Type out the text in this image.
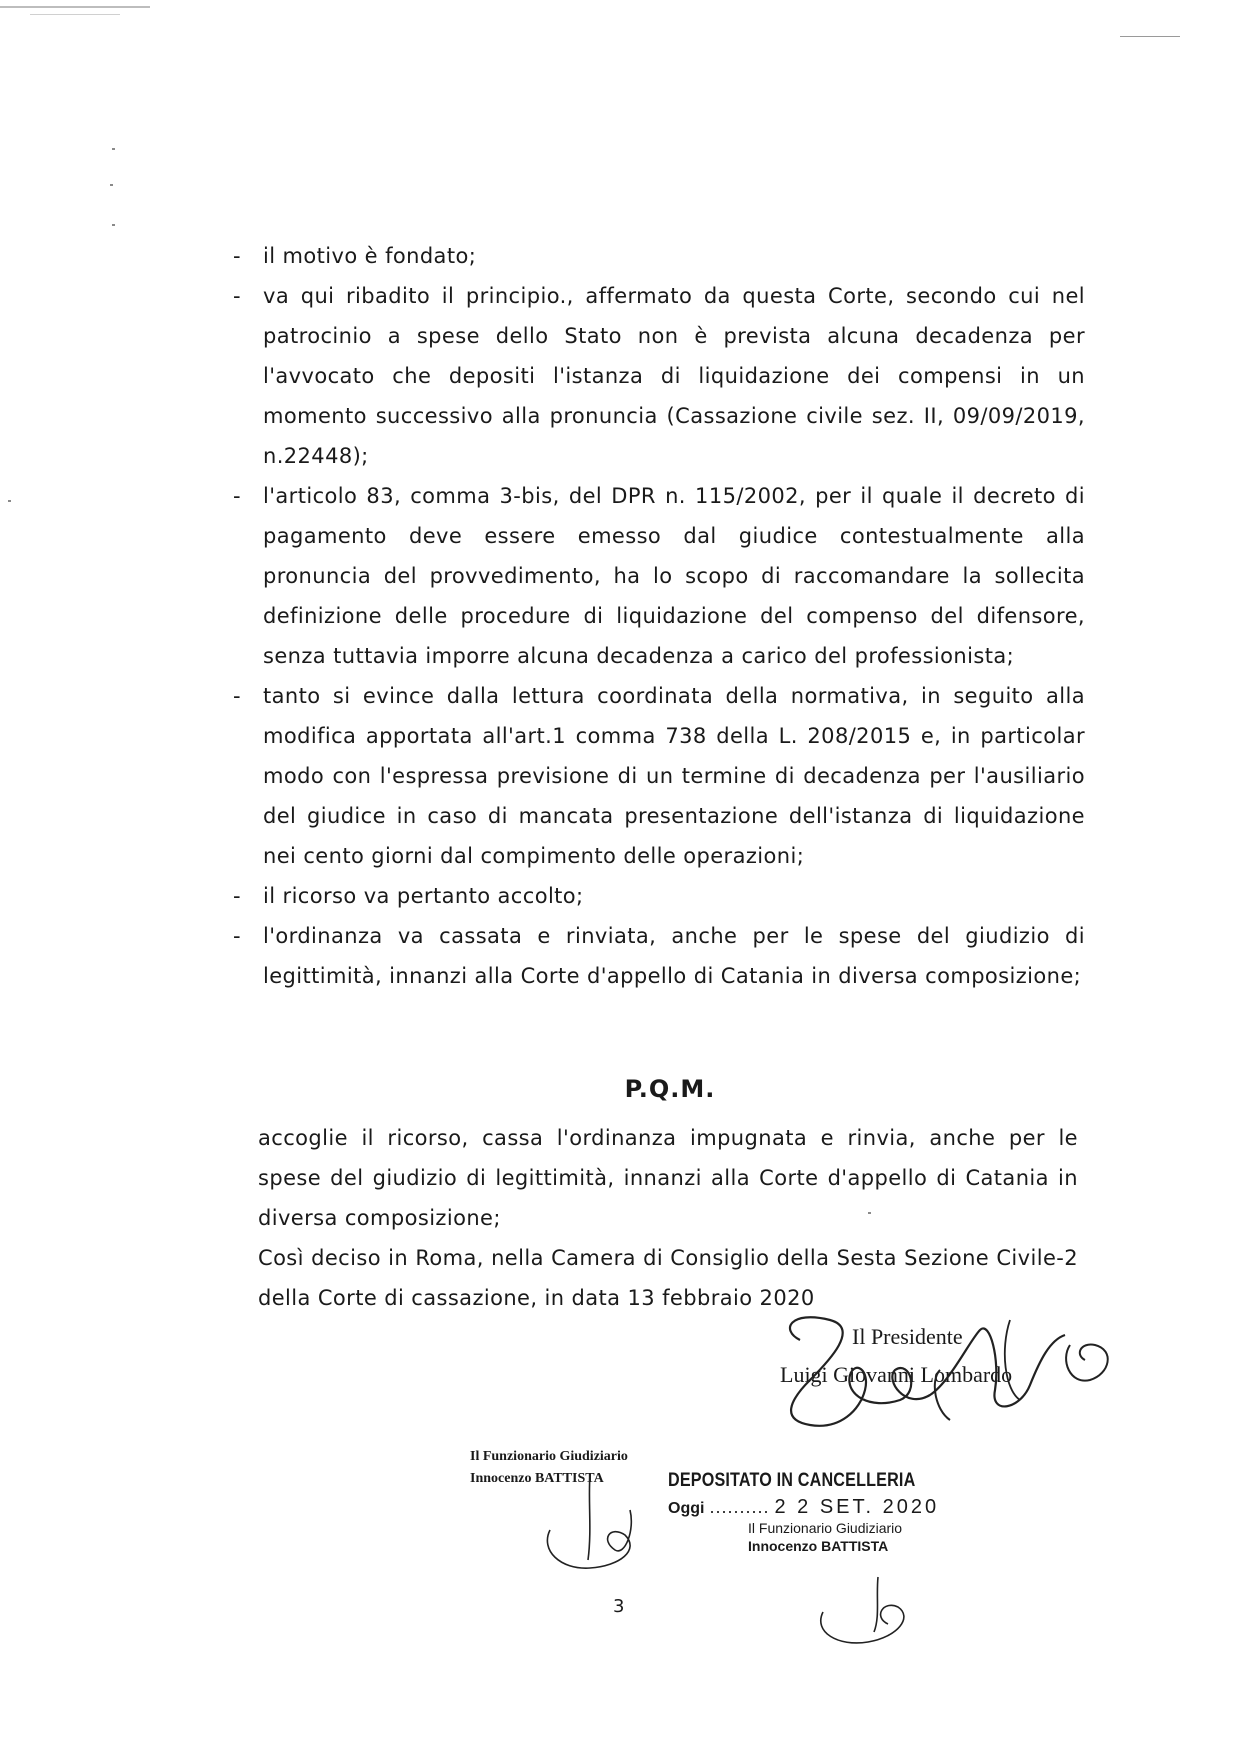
- il motivo è fondato;
- va qui ribadito il principio., affermato da questa Corte, secondo cui nel patrocinio a spese dello Stato non è prevista alcuna decadenza per l'avvocato che depositi l'istanza di liquidazione dei compensi in un momento successivo alla pronuncia (Cassazione civile sez. II, 09/09/2019, n.22448);
- l'articolo 83, comma 3-bis, del DPR n. 115/2002, per il quale il decreto di pagamento deve essere emesso dal giudice contestualmente alla pronuncia del provvedimento, ha lo scopo di raccomandare la sollecita definizione delle procedure di liquidazione del compenso del difensore, senza tuttavia imporre alcuna decadenza a carico del professionista;
- tanto si evince dalla lettura coordinata della normativa, in seguito alla modifica apportata all'art.1 comma 738 della L. 208/2015 e, in particolar modo con l'espressa previsione di un termine di decadenza per l'ausiliario del giudice in caso di mancata presentazione dell'istanza di liquidazione nei cento giorni dal compimento delle operazioni;
- il ricorso va pertanto accolto;
- l'ordinanza va cassata e rinviata, anche per le spese del giudizio di legittimità, innanzi alla Corte d'appello di Catania in diversa composizione;
P.Q.M.

accoglie il ricorso, cassa l'ordinanza impugnata e rinvia, anche per le spese del giudizio di legittimità, innanzi alla Corte d'appello di Catania in diversa composizione;

Così deciso in Roma, nella Camera di Consiglio della Sesta Sezione Civile-2 della Corte di cassazione, in data 13 febbraio 2020

Il Presidente
Luigi Giovanni Lombardo
Il Funzionario Giudiziario
Innocenzo BATTISTA	DEPOSITATO IN CANCELLERIA
Oggi .......... 2 2 SET. 2020
Il Funzionario Giudiziario
Innocenzo BATTISTA
3
